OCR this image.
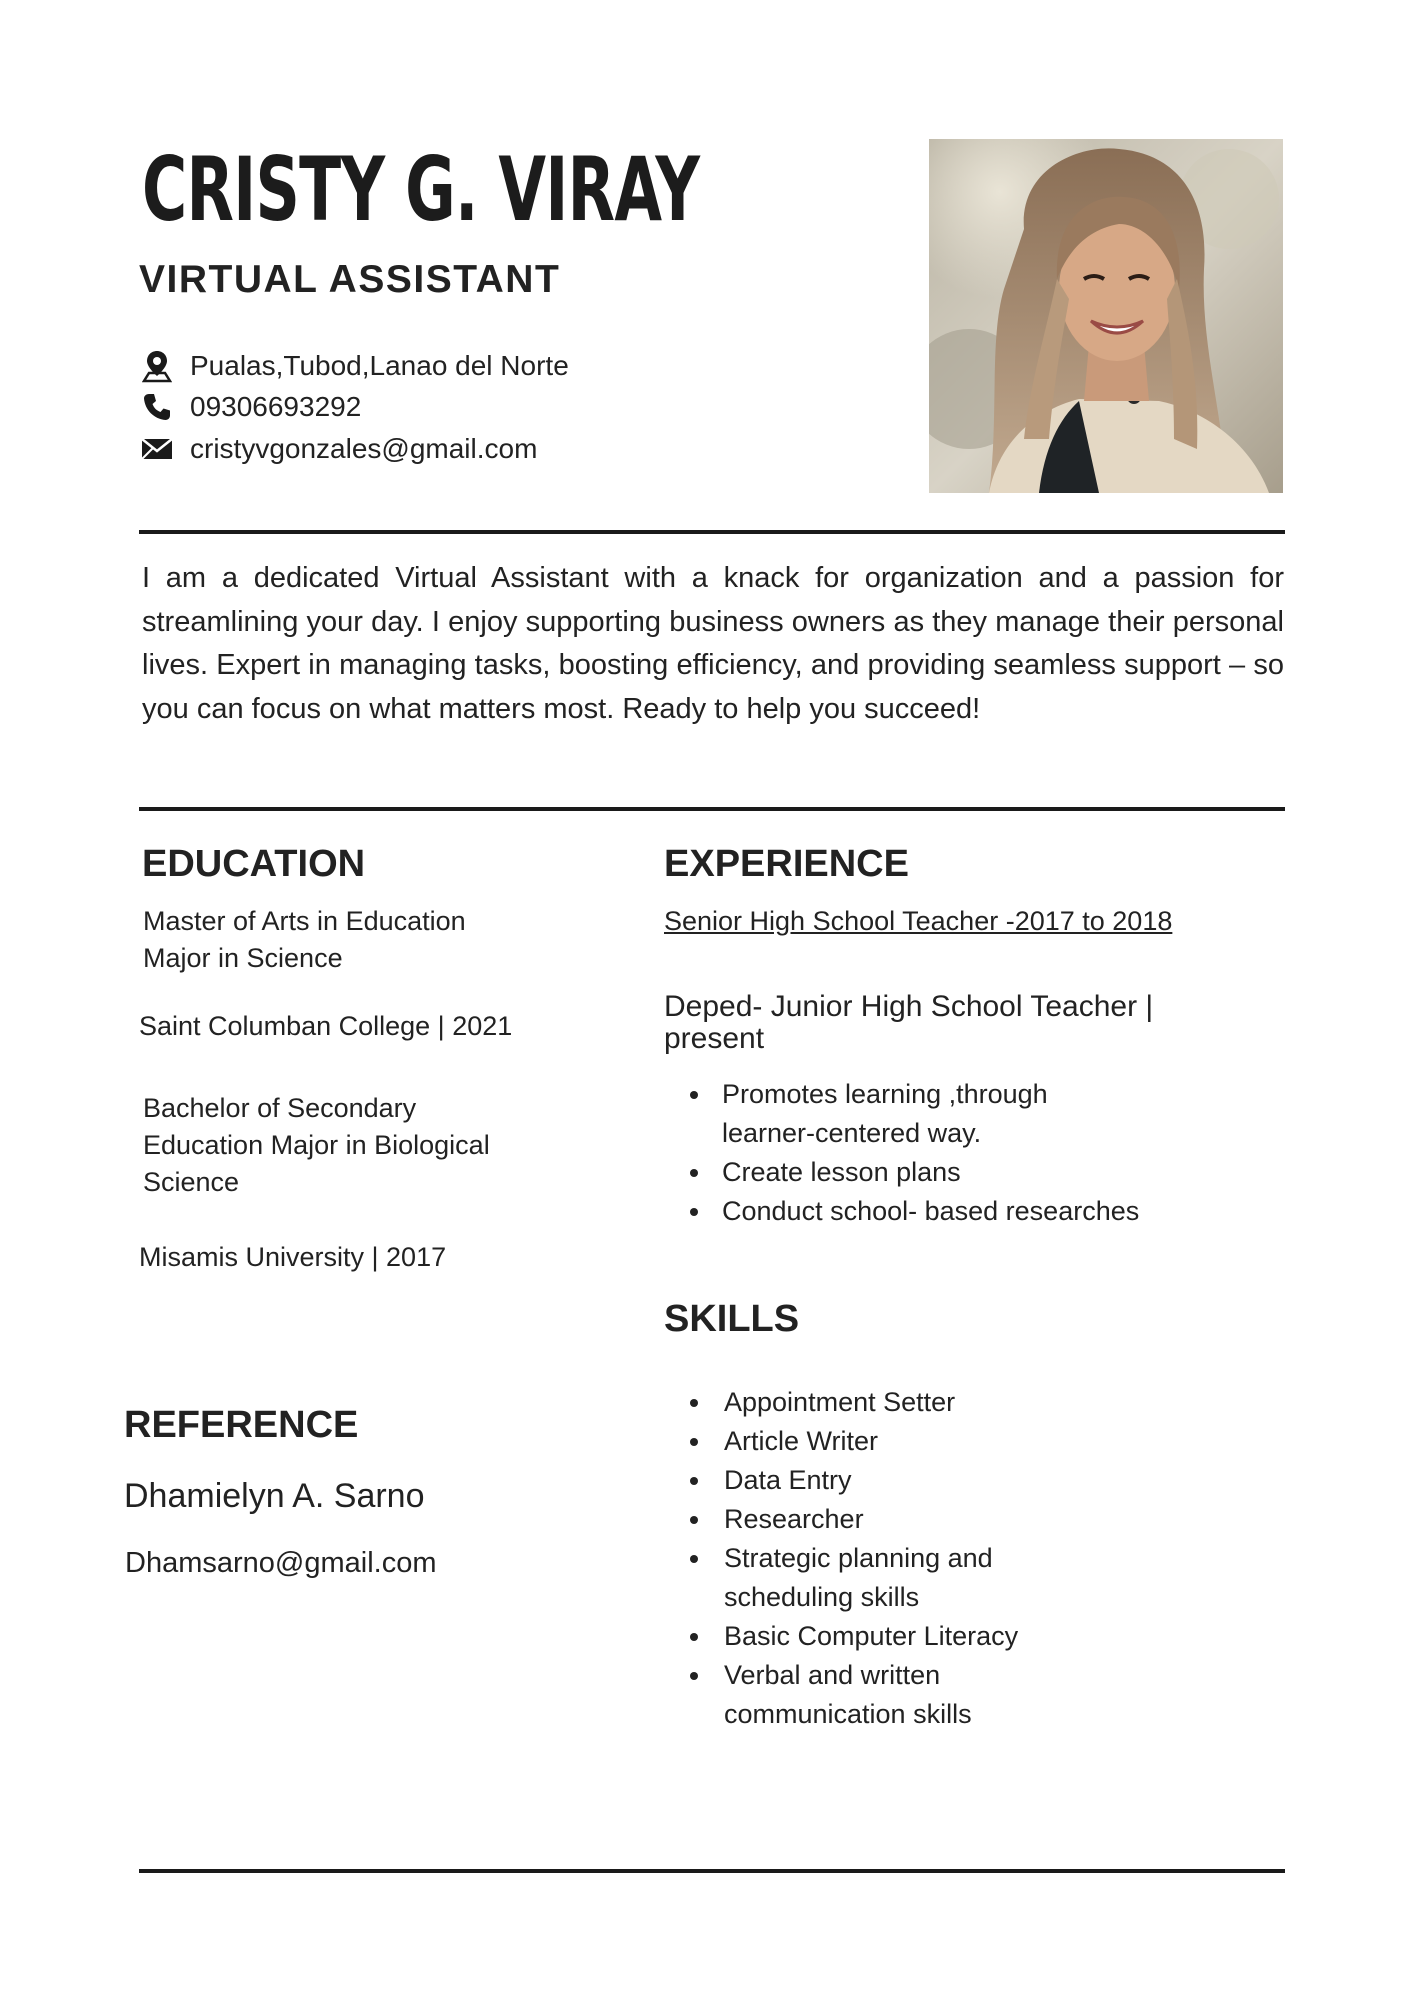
CRISTY G. VIRAY
VIRTUAL ASSISTANT
Pualas,Tubod,Lanao del Norte
09306693292
cristyvgonzales@gmail.com

I am a dedicated Virtual Assistant with a knack for organization and a passion for streamlining your day. I enjoy supporting business owners as they manage their personal lives. Expert in managing tasks, boosting efficiency, and providing seamless support – so you can focus on what matters most. Ready to help you succeed!

EDUCATION
Master of Arts in Education Major in Science
Saint Columban College | 2021
Bachelor of Secondary Education Major in Biological Science
Misamis University | 2017
REFERENCE
Dhamielyn A. Sarno
Dhamsarno@gmail.com
EXPERIENCE
Senior High School Teacher -2017 to 2018
Deped- Junior High School Teacher | present
Promotes learning ,through learner-centered way.
Create lesson plans
Conduct school- based researches
SKILLS
Appointment Setter
Article Writer
Data Entry
Researcher
Strategic planning and scheduling skills
Basic Computer Literacy
Verbal and written communication skills
